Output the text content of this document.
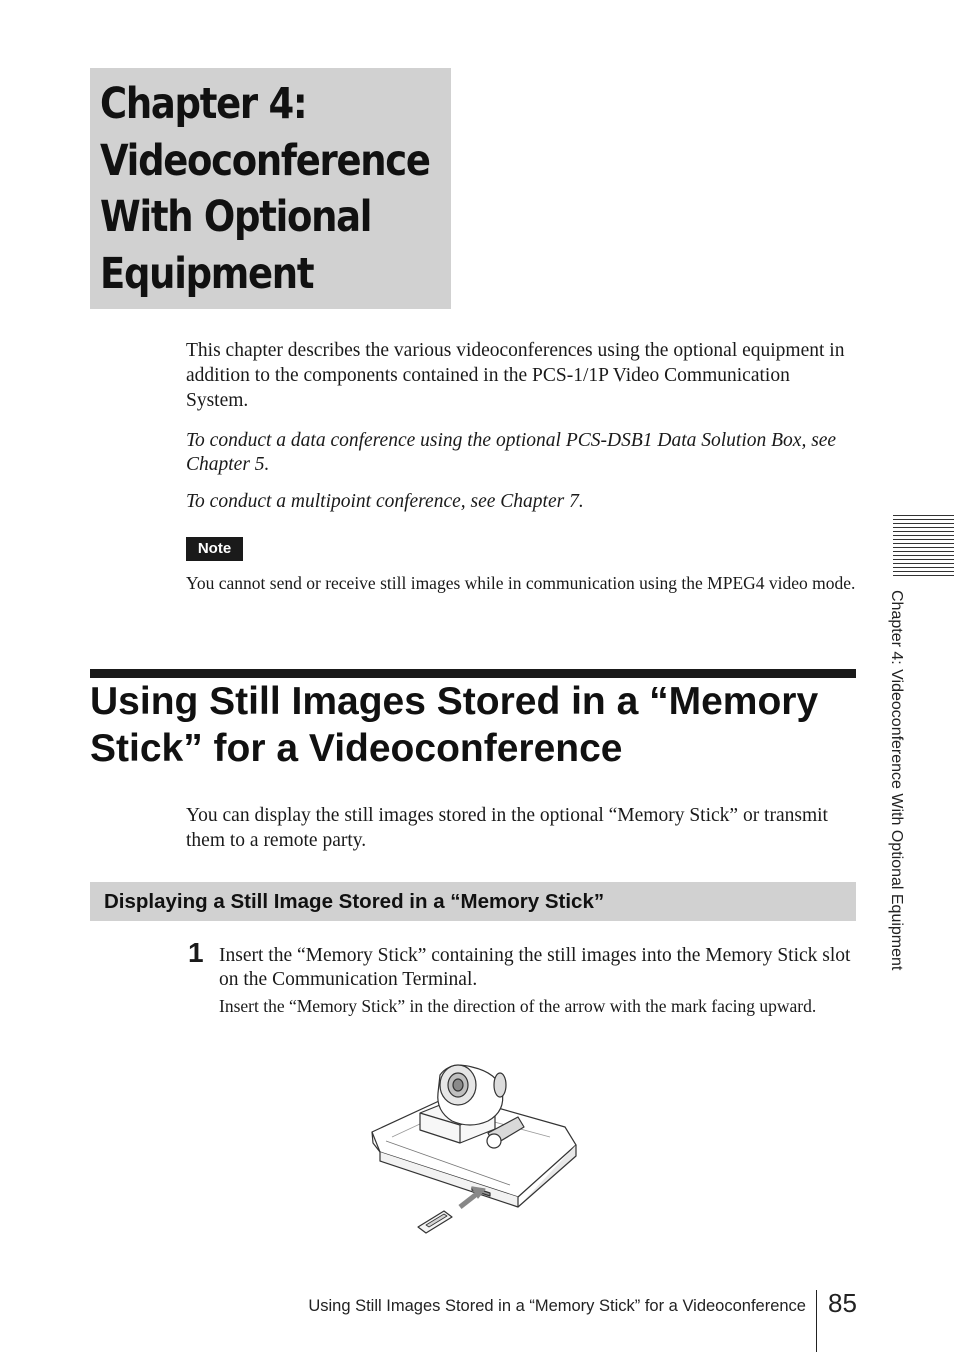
Chapter 4:
Videoconference
With Optional
Equipment

This chapter describes the various videoconferences using the optional equipment in addition to the components contained in the PCS-1/1P Video Communication System.

To conduct a data conference using the optional PCS-DSB1 Data Solution Box, see Chapter 5.

To conduct a multipoint conference, see Chapter 7.

Note

You cannot send or receive still images while in communication using the MPEG4 video mode.

Using Still Images Stored in a “Memory Stick” for a Videoconference

You can display the still images stored in the optional “Memory Stick” or transmit them to a remote party.

Displaying a Still Image Stored in a “Memory Stick”
1 Insert the “Memory Stick” containing the still images into the Memory Stick slot on the Communication Terminal.

Insert the “Memory Stick” in the direction of the arrow with the mark facing upward.

Chapter 4: Videoconference With Optional Equipment
Using Still Images Stored in a “Memory Stick” for a Videoconference 85
